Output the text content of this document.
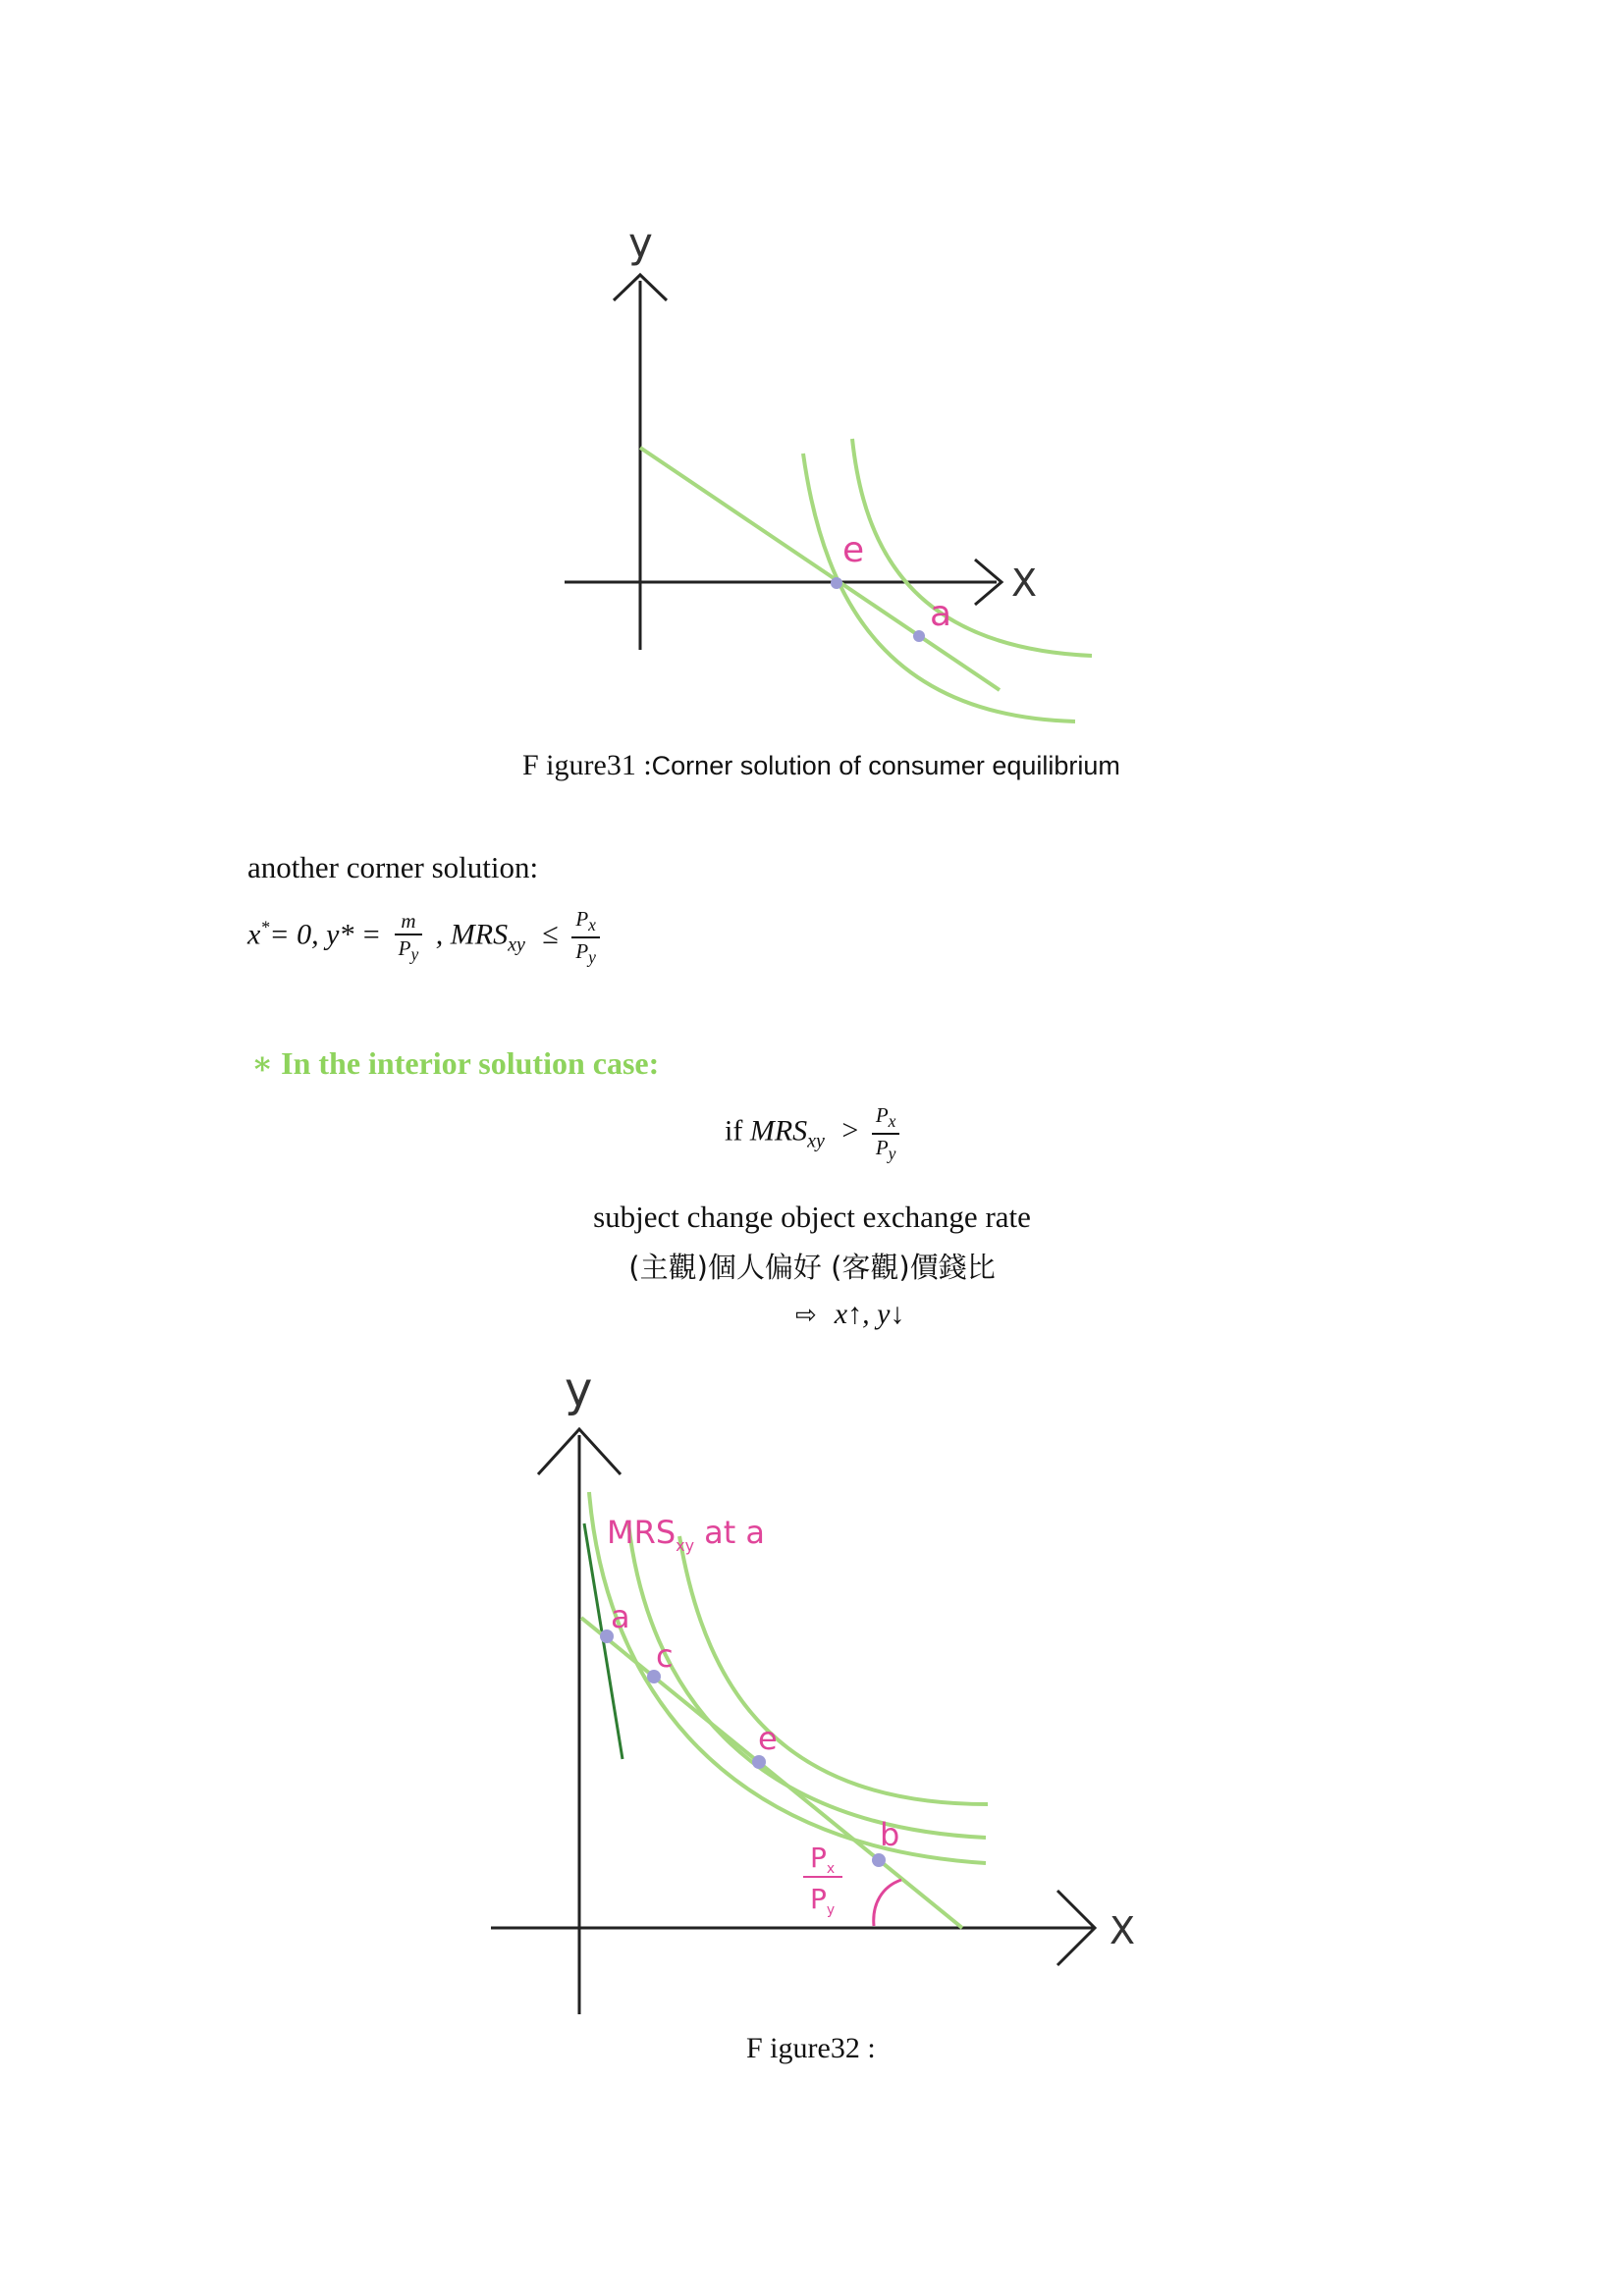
y
X
e
a
F igure31 :Corner solution of consumer equilibrium
another corner solution:
x*= 0, $y* = \frac{m}{P_y}$ , $MRS_{xy} \le \frac{P_x}{P_y}$
∗ In the interior solution case:
if $MRS_{xy} > \frac{P_x}{P_y}$
subject change object exchange rate
(主觀)個人偏好 (客觀)價錢比
⇨ x↑, y↓
y
X
$MRS_{xy}$ at a
a
c
e
b
$P_x$
$P_y$
F igure32 :
